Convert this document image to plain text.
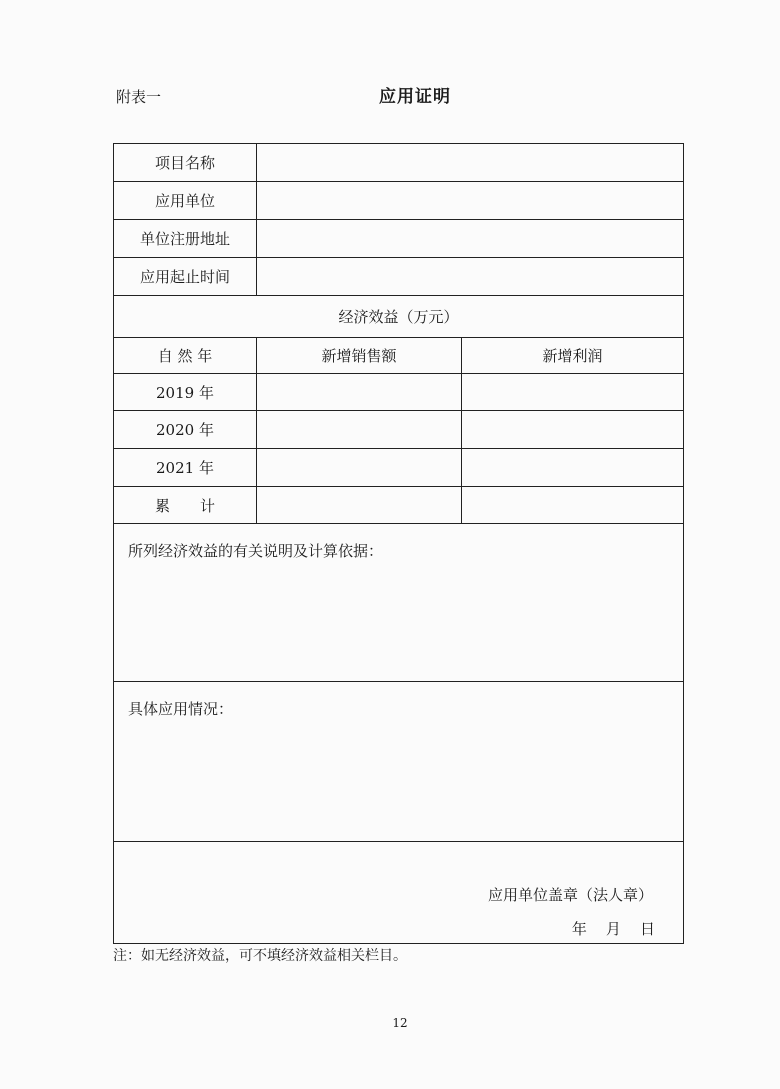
附表一	应用证明
项目名称		
应用单位		
单位注册地址		
应用起止时间		
经济效益（万元）		
自 然 年	新增销售额	新增利润
2019 年		
2020 年		
2021 年		
累　　计		
所列经济效益的有关说明及计算依据：		
具体应用情况：		

应用单位盖章（法人章）
年    月    日		
注：如无经济效益，可不填经济效益相关栏目。
12
